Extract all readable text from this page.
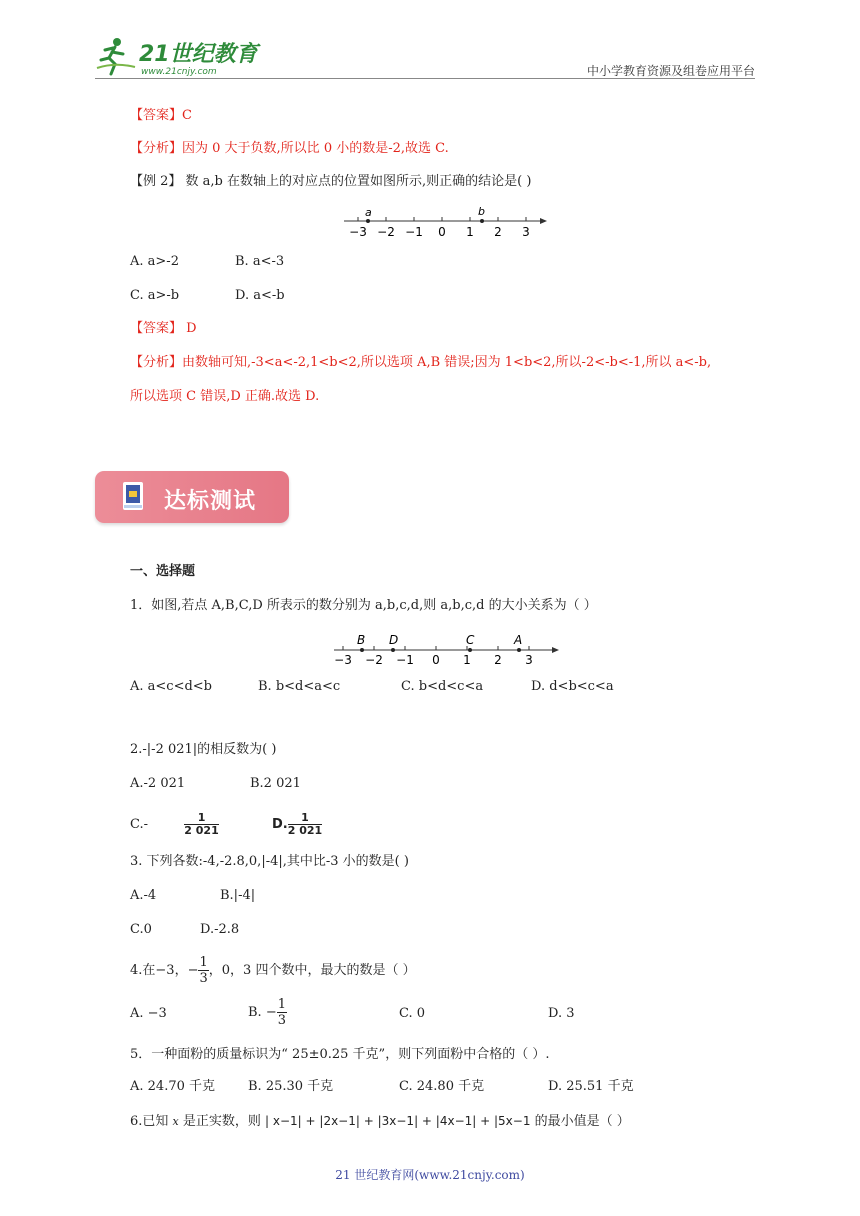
21世纪教育
www.21cnjy.com	中小学教育资源及组卷应用平台
【答案】C
【分析】因为 0 大于负数,所以比 0 小的数是-2,故选 C.
【例 2】 数 a,b 在数轴上的对应点的位置如图所示,则正确的结论是( )
−3 −2 −1 0 1 2 3
a	b
A. a>-2	B. a<-3
C. a>-b	D. a<-b
【答案】 D
【分析】由数轴可知,-3<a<-2,1<b<2,所以选项 A,B 错误;因为 1<b<2,所以-2<-b<-1,所以 a<-b,
所以选项 C 错误,D 正确.故选 D.
达标测试
一、选择题
1．如图,若点 A,B,C,D 所表示的数分别为 a,b,c,d,则 a,b,c,d 的大小关系为（ ）
−3 −2 −1 0 1 2 3
B D	C	A
A. a<c<d<b	B. b<d<a<c	C. b<d<c<a	D. d<b<c<a
2.-|-2 021|的相反数为( )
A.-2 021	B.2 021
C.-	$\frac{1}{2 021}$	D. $\frac{1}{2 021}$
3. 下列各数:-4,-2.8,0,|-4|,其中比-3 小的数是( )
A.-4	B.|-4|
C.0	D.-2.8
4.在−3，− $\frac{1}{3}$ ，0，3 四个数中，最大的数是（ ）
A. −3	B. − $\frac{1}{3}$	C. 0	D. 3
5．一种面粉的质量标识为“ 25±0.25 千克”，则下列面粉中合格的（ ）.
A. 24.70 千克	B. 25.30 千克	C. 24.80 千克	D. 25.51 千克
6.已知 x 是正实数，则 | x−1| + |2x−1| + |3x−1| + |4x−1| + |5x−1 的最小值是（ ）
21 世纪教育网(www.21cnjy.com)
